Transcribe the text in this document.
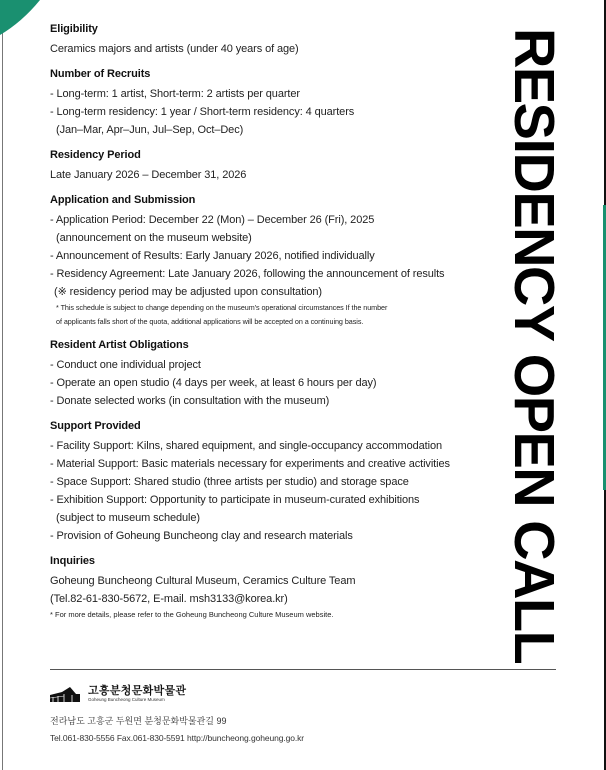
Eligibility
Ceramics majors and artists (under 40 years of age)
Number of Recruits
- Long-term: 1 artist, Short-term: 2 artists per quarter
- Long-term residency: 1 year / Short-term residency: 4 quarters
(Jan–Mar, Apr–Jun, Jul–Sep, Oct–Dec)
Residency Period
Late January 2026 – December 31, 2026
Application and Submission
- Application Period: December 22 (Mon) – December 26 (Fri), 2025
(announcement on the museum website)
- Announcement of Results: Early January 2026, notified individually
- Residency Agreement: Late January 2026, following the announcement of results
(※ residency period may be adjusted upon consultation)
* This schedule is subject to change depending on the museum's operational circumstances If the number
of applicants falls short of the quota, additional applications will be accepted on a continuing basis.
Resident Artist Obligations
- Conduct one individual project
- Operate an open studio (4 days per week, at least 6 hours per day)
- Donate selected works (in consultation with the museum)
Support Provided
- Facility Support: Kilns, shared equipment, and single-occupancy accommodation
- Material Support: Basic materials necessary for experiments and creative activities
- Space Support: Shared studio (three artists per studio) and storage space
- Exhibition Support: Opportunity to participate in museum-curated exhibitions
(subject to museum schedule)
- Provision of Goheung Buncheong clay and research materials
Inquiries
Goheung Buncheong Cultural Museum, Ceramics Culture Team
(Tel.82-61-830-5672, E-mail. msh3133@korea.kr)
* For more details, please refer to the Goheung Buncheong Culture Museum website.	RESIDENCY OPEN CALL
고흥분청문화박물관
Goheung Buncheong Culture Museum
전라남도 고흥군 두원면 분청문화박물관길 99
Tel.061-830-5556 Fax.061-830-5591 http://buncheong.goheung.go.kr
